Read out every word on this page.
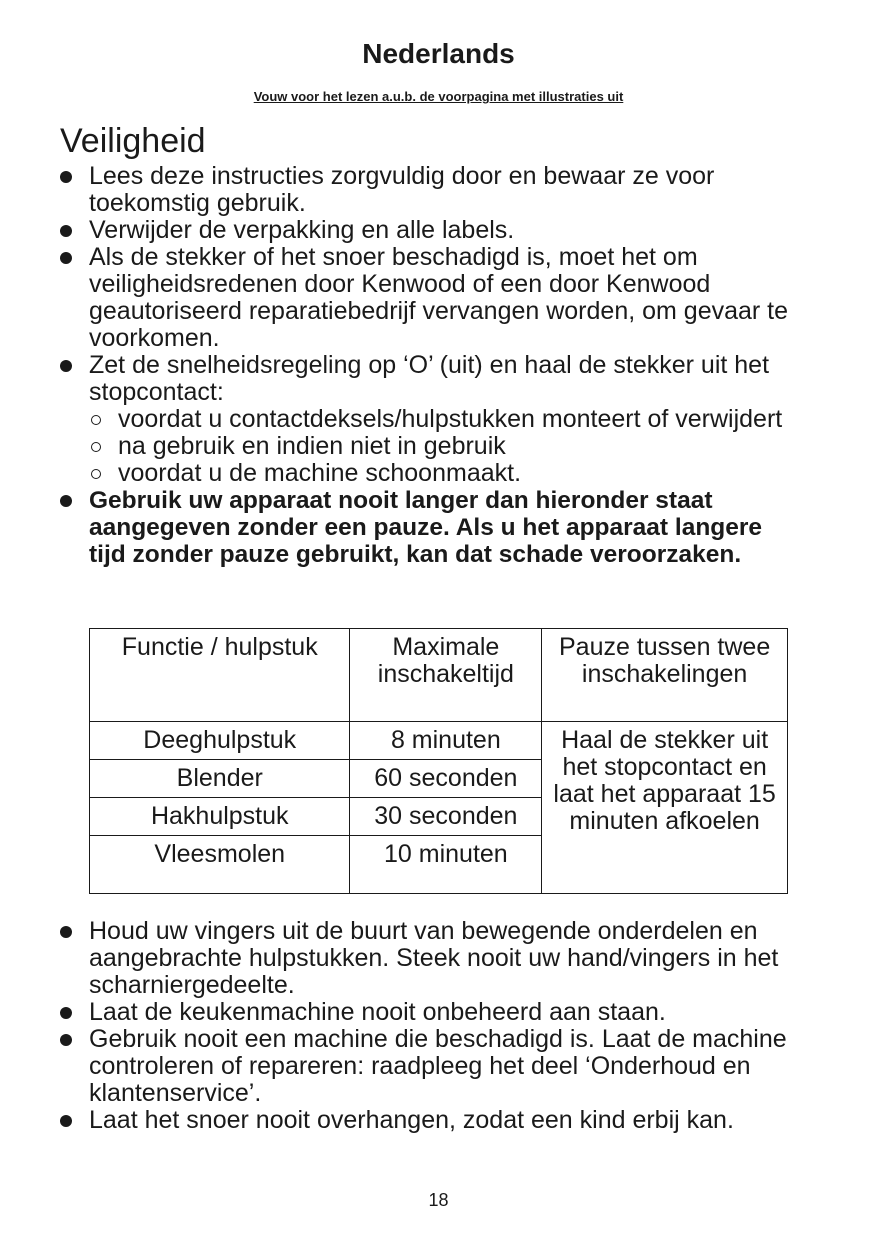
Nederlands
Vouw voor het lezen a.u.b. de voorpagina met illustraties uit
Veiligheid
Lees deze instructies zorgvuldig door en bewaar ze voor toekomstig gebruik.
Verwijder de verpakking en alle labels.
Als de stekker of het snoer beschadigd is, moet het om veiligheidsredenen door Kenwood of een door Kenwood geautoriseerd reparatiebedrijf vervangen worden, om gevaar te voorkomen.
Zet de snelheidsregeling op ‘O’ (uit) en haal de stekker uit het stopcontact:
voordat u contactdeksels/hulpstukken monteert of verwijdert
na gebruik en indien niet in gebruik
voordat u de machine schoonmaakt.
Gebruik uw apparaat nooit langer dan hieronder staat aangegeven zonder een pauze. Als u het apparaat langere tijd zonder pauze gebruikt, kan dat schade veroorzaken.
Functie / hulpstuk	Maximale inschakeltijd	Pauze tussen twee inschakelingen
Deeghulpstuk	8 minuten	Haal de stekker uit het stopcontact en laat het apparaat 15 minuten afkoelen
Blender	60 seconden	
Hakhulpstuk	30 seconden	
Vleesmolen	10 minuten	
Houd uw vingers uit de buurt van bewegende onderdelen en aangebrachte hulpstukken. Steek nooit uw hand/vingers in het scharniergedeelte.
Laat de keukenmachine nooit onbeheerd aan staan.
Gebruik nooit een machine die beschadigd is. Laat de machine controleren of repareren: raadpleeg het deel ‘Onderhoud en klantenservice’.
Laat het snoer nooit overhangen, zodat een kind erbij kan.
18
